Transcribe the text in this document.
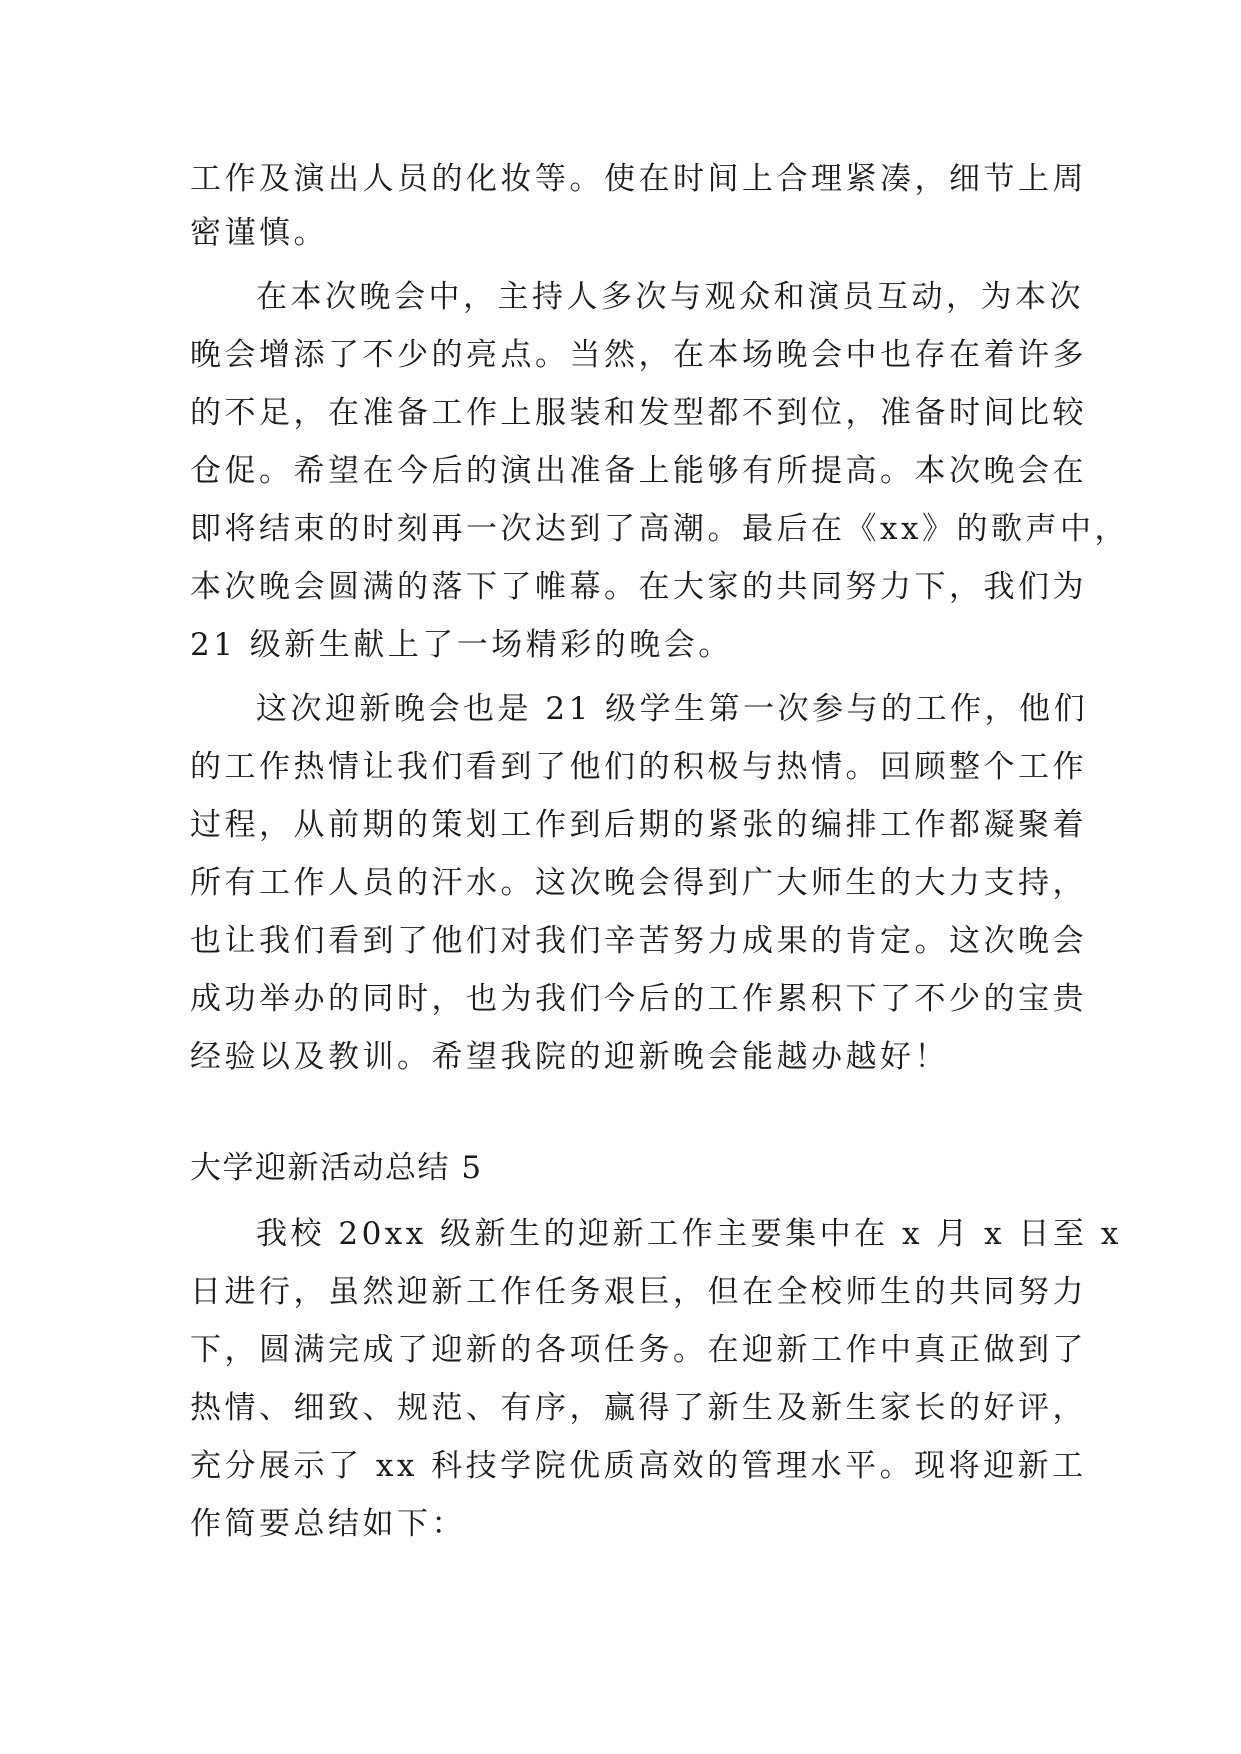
工作及演出人员的化妆等。使在时间上合理紧凑，细节上周
密谨慎。
在本次晚会中，主持人多次与观众和演员互动，为本次
晚会增添了不少的亮点。当然，在本场晚会中也存在着许多
的不足，在准备工作上服装和发型都不到位，准备时间比较
仓促。希望在今后的演出准备上能够有所提高。本次晚会在
即将结束的时刻再一次达到了高潮。最后在《xx》的歌声中，
本次晚会圆满的落下了帷幕。在大家的共同努力下，我们为
21 级新生献上了一场精彩的晚会。
这次迎新晚会也是 21 级学生第一次参与的工作，他们
的工作热情让我们看到了他们的积极与热情。回顾整个工作
过程，从前期的策划工作到后期的紧张的编排工作都凝聚着
所有工作人员的汗水。这次晚会得到广大师生的大力支持，
也让我们看到了他们对我们辛苦努力成果的肯定。这次晚会
成功举办的同时，也为我们今后的工作累积下了不少的宝贵
经验以及教训。希望我院的迎新晚会能越办越好！
大学迎新活动总结 5
我校 20xx 级新生的迎新工作主要集中在 x 月 x 日至 x
日进行，虽然迎新工作任务艰巨，但在全校师生的共同努力
下，圆满完成了迎新的各项任务。在迎新工作中真正做到了
热情、细致、规范、有序，赢得了新生及新生家长的好评，
充分展示了 xx 科技学院优质高效的管理水平。现将迎新工
作简要总结如下：
